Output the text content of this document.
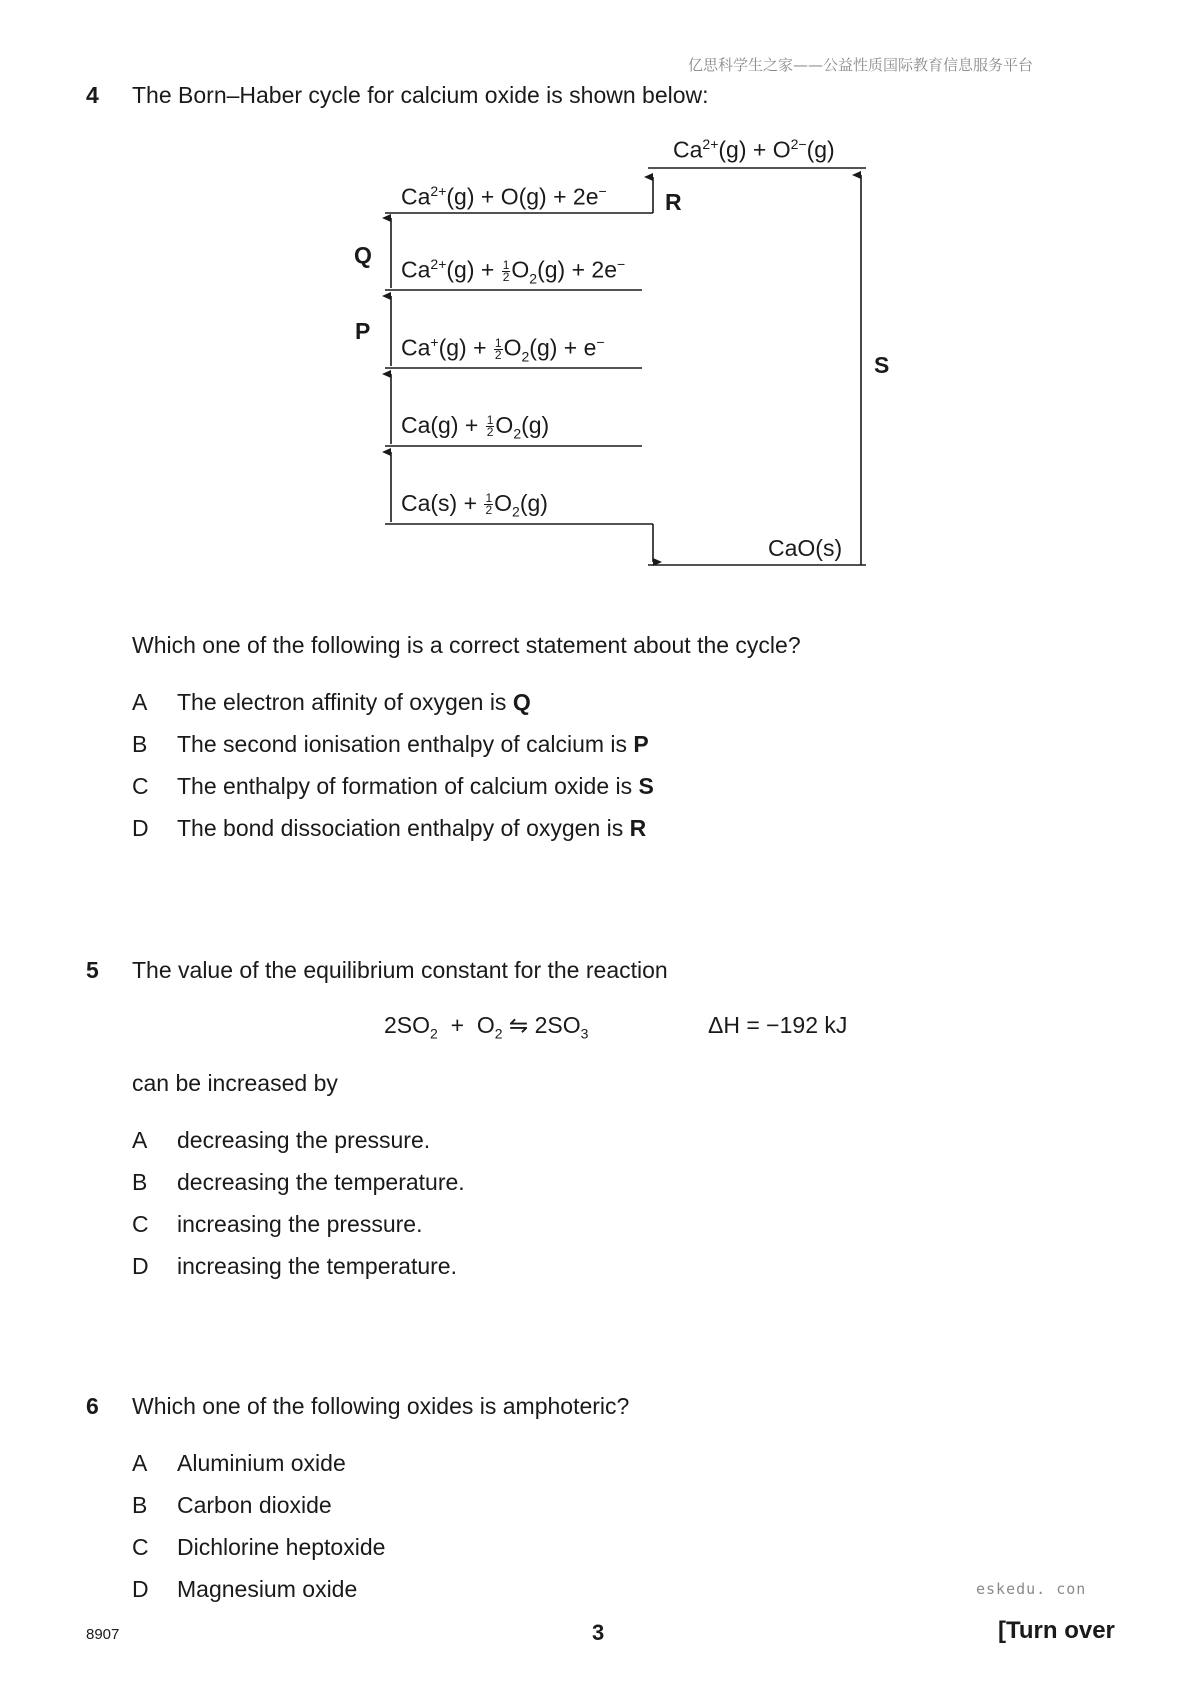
亿思科学生之家——公益性质国际教育信息服务平台
4 The Born–Haber cycle for calcium oxide is shown below:
$Ca^{2+}(g) + O^{2-}(g)$
$Ca^{2+}(g) + O(g) + 2e^-$
$Ca^{2+}(g) + \frac{1}{2} O_2(g) + 2e^-$
$Ca^+(g) + \frac{1}{2} O_2(g) + e^-$
$Ca(g) + \frac{1}{2} O_2(g)$
$Ca(s) + \frac{1}{2} O_2(g)$
CaO(s)
Q
P
R
S
Which one of the following is a correct statement about the cycle?
A The electron affinity of oxygen is Q
B The second ionisation enthalpy of calcium is P
C The enthalpy of formation of calcium oxide is S
D The bond dissociation enthalpy of oxygen is R
5 The value of the equilibrium constant for the reaction
$2SO_2 + O_2$ ⇋ $2SO_3$	ΔH = −192 kJ
can be increased by
A decreasing the pressure.
B decreasing the temperature.
C increasing the pressure.
D increasing the temperature.
6 Which one of the following oxides is amphoteric?
A Aluminium oxide
B Carbon dioxide
C Dichlorine heptoxide
D Magnesium oxide	eskedu. con
8907	3	[Turn over
